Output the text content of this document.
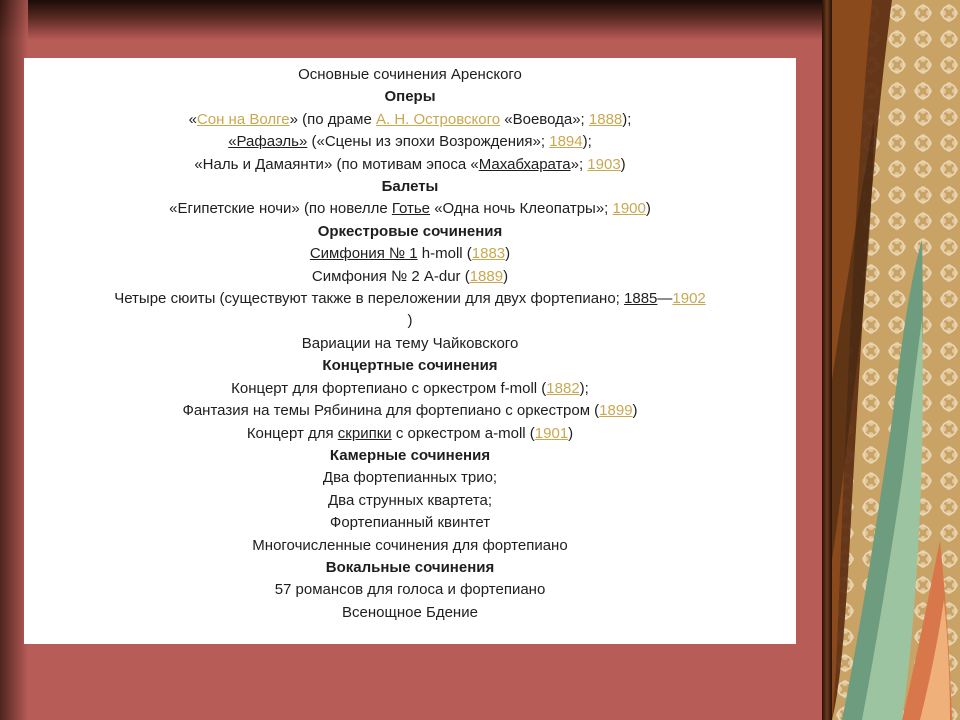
Основные сочинения Аренского

Оперы

«Сон на Волге» (по драме А. Н. Островского «Воевода»; 1888);

«Рафаэль» («Сцены из эпохи Возрождения»; 1894);

«Наль и Дамаянти» (по мотивам эпоса «Махабхарата»; 1903)

Балеты

«Египетские ночи» (по новелле Готье «Одна ночь Клеопатры»; 1900)

Оркестровые сочинения

Симфония № 1 h-moll (1883)

Симфония № 2 A-dur (1889)

Четыре сюиты (существуют также в переложении для двух фортепиано; 1885—1902
)

Вариации на тему Чайковского

Концертные сочинения

Концерт для фортепиано с оркестром f-moll (1882);

Фантазия на темы Рябинина для фортепиано с оркестром (1899)

Концерт для скрипки с оркестром a-moll (1901)

Камерные сочинения

Два фортепианных трио;

Два струнных квартета;

Фортепианный квинтет

Многочисленные сочинения для фортепиано

Вокальные сочинения

57 романсов для голоса и фортепиано

Всенощное Бдение
